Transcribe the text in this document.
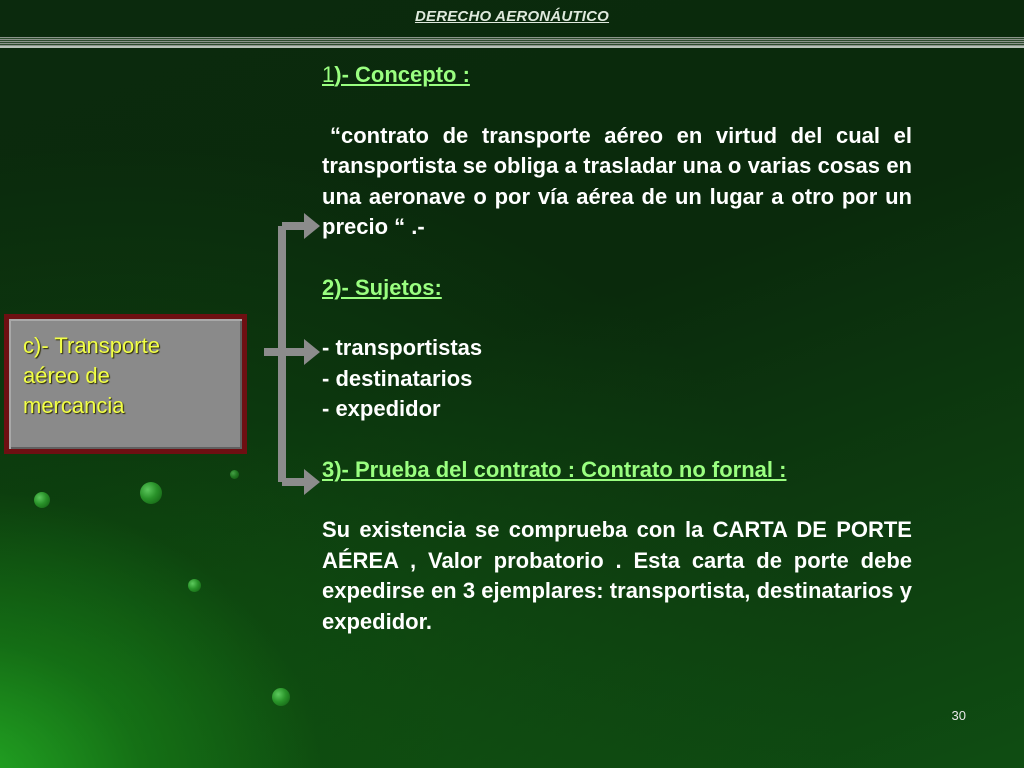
DERECHO AERONÁUTICO
c)- Transporte
aéreo de
mercancia

1)- Concepto :

“contrato de transporte aéreo en virtud del cual el transportista se obliga a trasladar una o varias cosas en una aeronave o por vía aérea de un lugar a otro por un precio “ .-

2)- Sujetos:

- transportistas

- destinatarios

- expedidor

3)- Prueba del contrato : Contrato no fornal :

Su existencia se comprueba con la CARTA DE PORTE AÉREA , Valor probatorio . Esta carta de porte debe expedirse en 3 ejemplares: transportista, destinatarios y expedidor.

30
